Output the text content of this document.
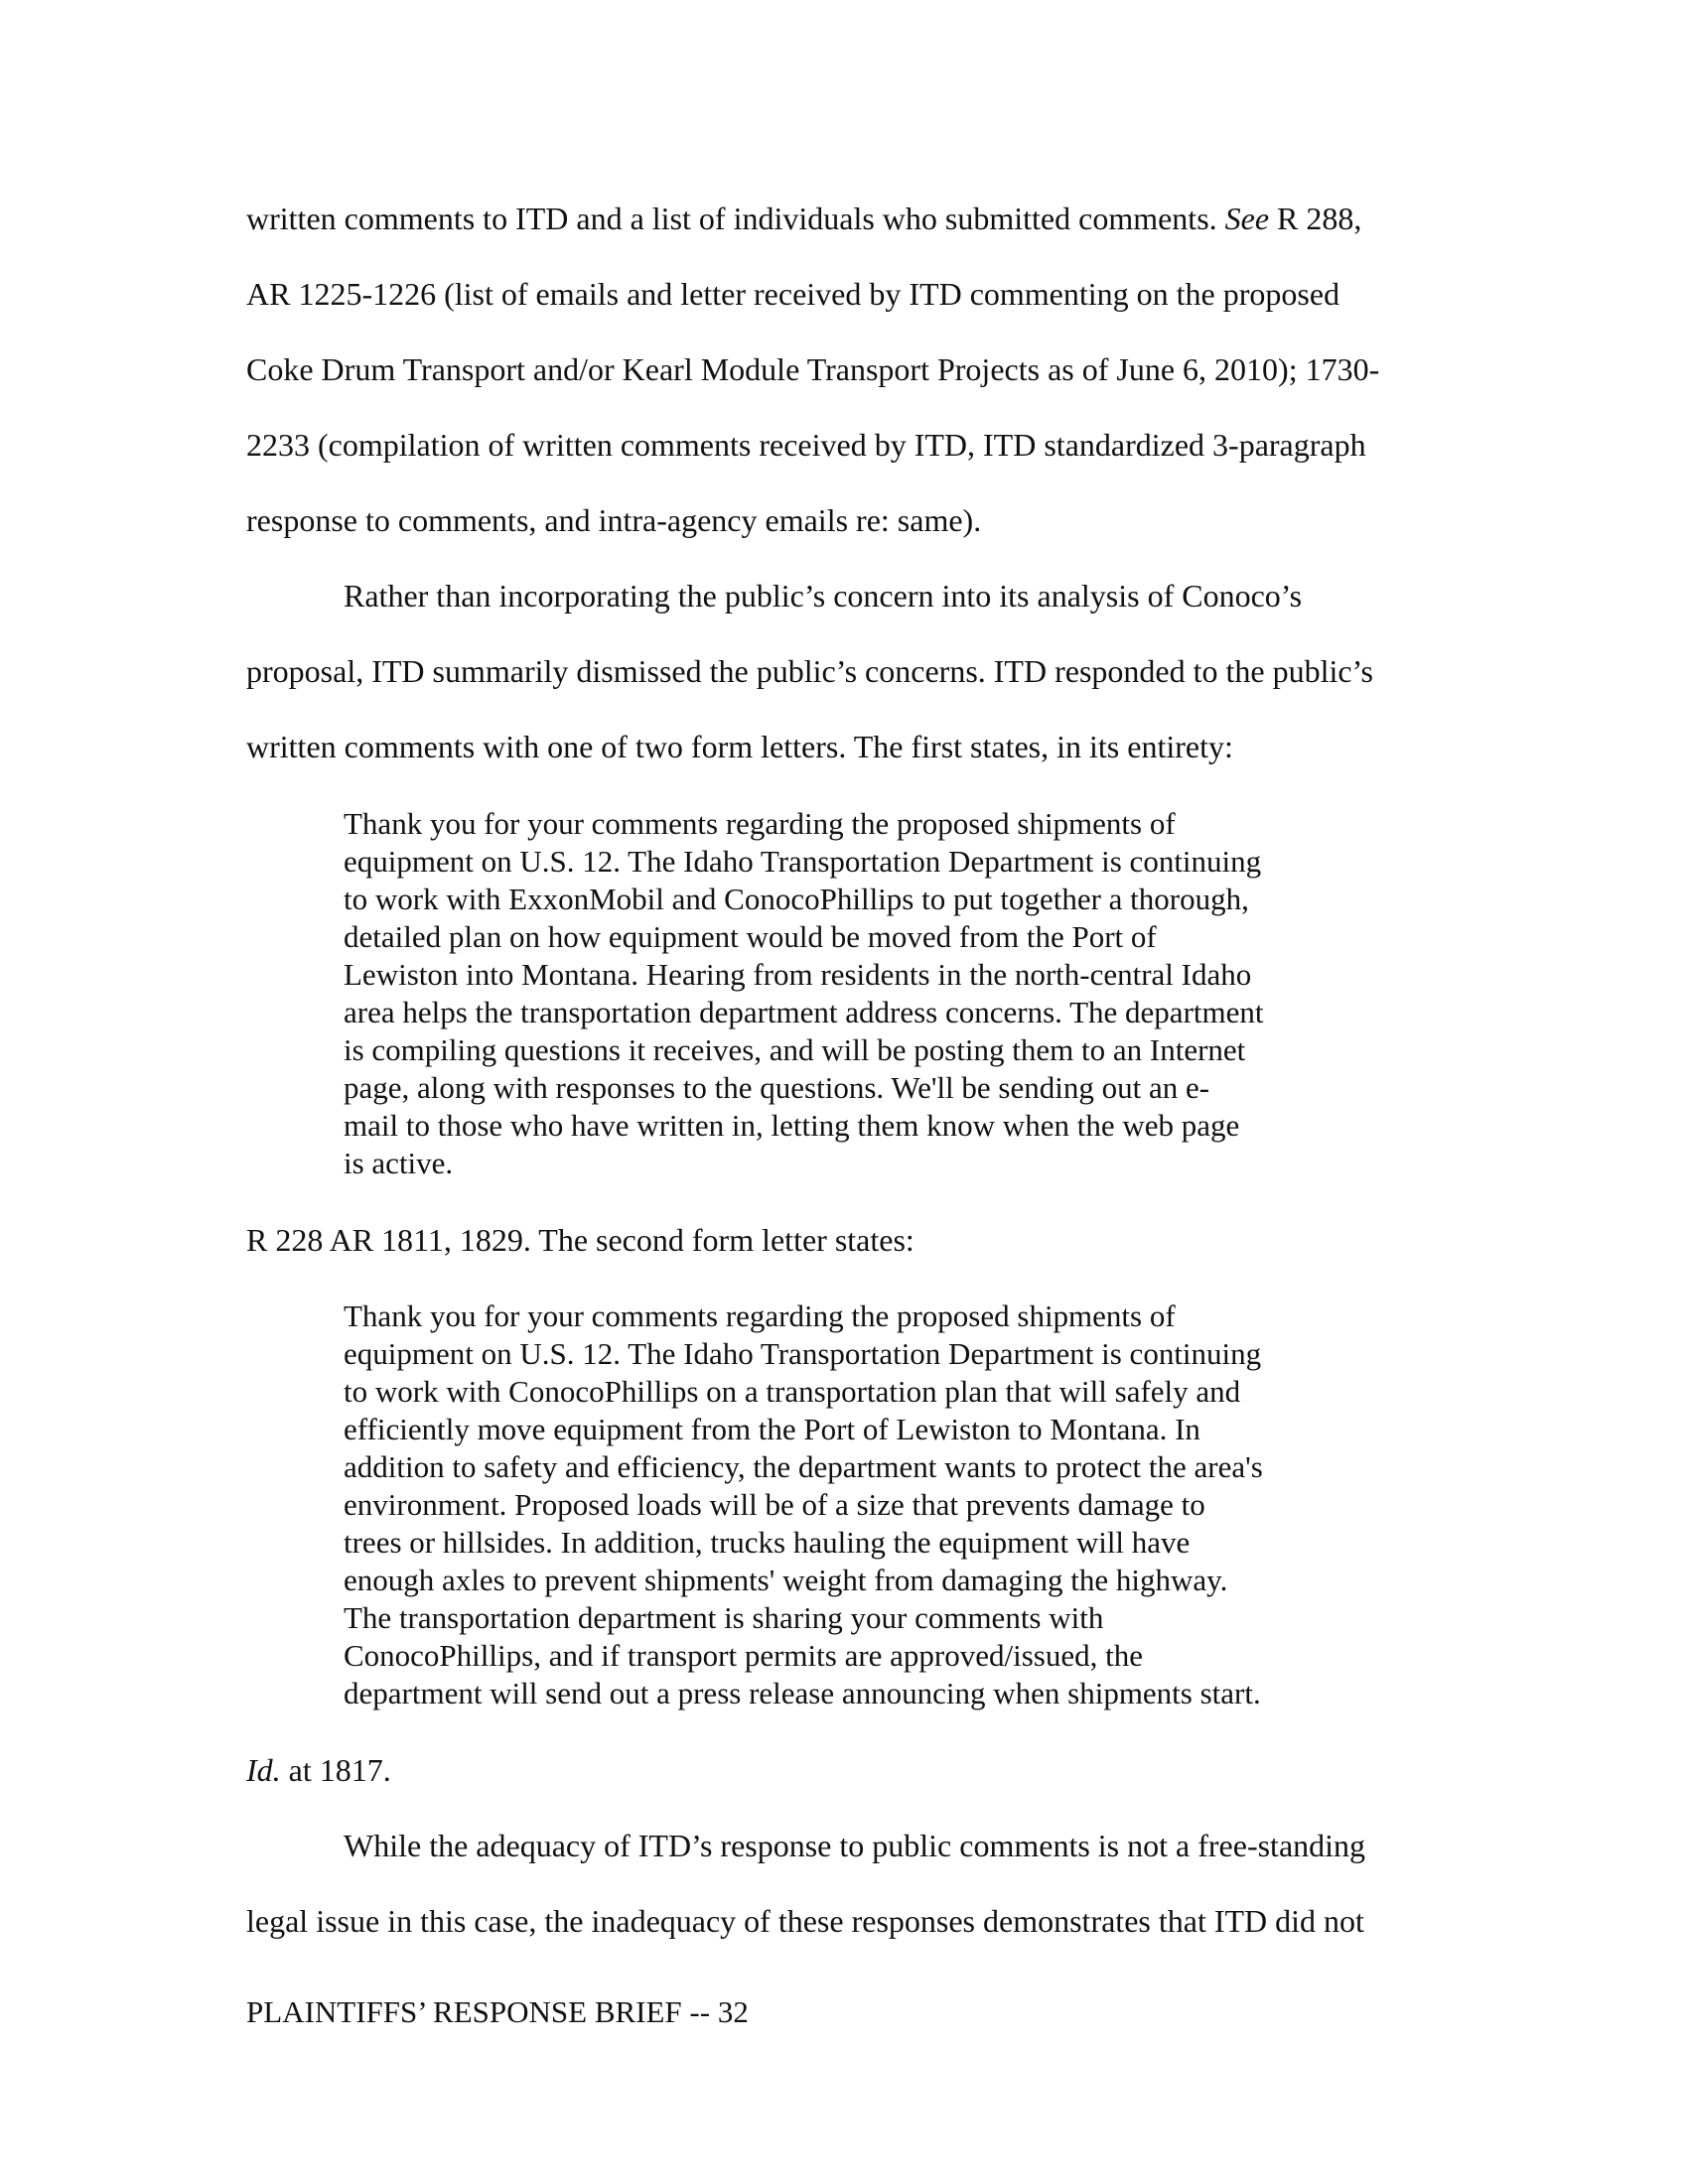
written comments to ITD and a list of individuals who submitted comments. See R 288,
AR 1225-1226 (list of emails and letter received by ITD commenting on the proposed
Coke Drum Transport and/or Kearl Module Transport Projects as of June 6, 2010); 1730-
2233 (compilation of written comments received by ITD, ITD standardized 3-paragraph
response to comments, and intra-agency emails re: same).
Rather than incorporating the public’s concern into its analysis of Conoco’s
proposal, ITD summarily dismissed the public’s concerns. ITD responded to the public’s
written comments with one of two form letters. The first states, in its entirety:
Thank you for your comments regarding the proposed shipments of
equipment on U.S. 12. The Idaho Transportation Department is continuing
to work with ExxonMobil and ConocoPhillips to put together a thorough,
detailed plan on how equipment would be moved from the Port of
Lewiston into Montana. Hearing from residents in the north-central Idaho
area helps the transportation department address concerns. The department
is compiling questions it receives, and will be posting them to an Internet
page, along with responses to the questions. We'll be sending out an e-
mail to those who have written in, letting them know when the web page
is active.
R 228 AR 1811, 1829. The second form letter states:
Thank you for your comments regarding the proposed shipments of
equipment on U.S. 12. The Idaho Transportation Department is continuing
to work with ConocoPhillips on a transportation plan that will safely and
efficiently move equipment from the Port of Lewiston to Montana. In
addition to safety and efficiency, the department wants to protect the area's
environment. Proposed loads will be of a size that prevents damage to
trees or hillsides. In addition, trucks hauling the equipment will have
enough axles to prevent shipments' weight from damaging the highway.
The transportation department is sharing your comments with
ConocoPhillips, and if transport permits are approved/issued, the
department will send out a press release announcing when shipments start.
Id. at 1817.
While the adequacy of ITD’s response to public comments is not a free-standing
legal issue in this case, the inadequacy of these responses demonstrates that ITD did not
PLAINTIFFS’ RESPONSE BRIEF -- 32
